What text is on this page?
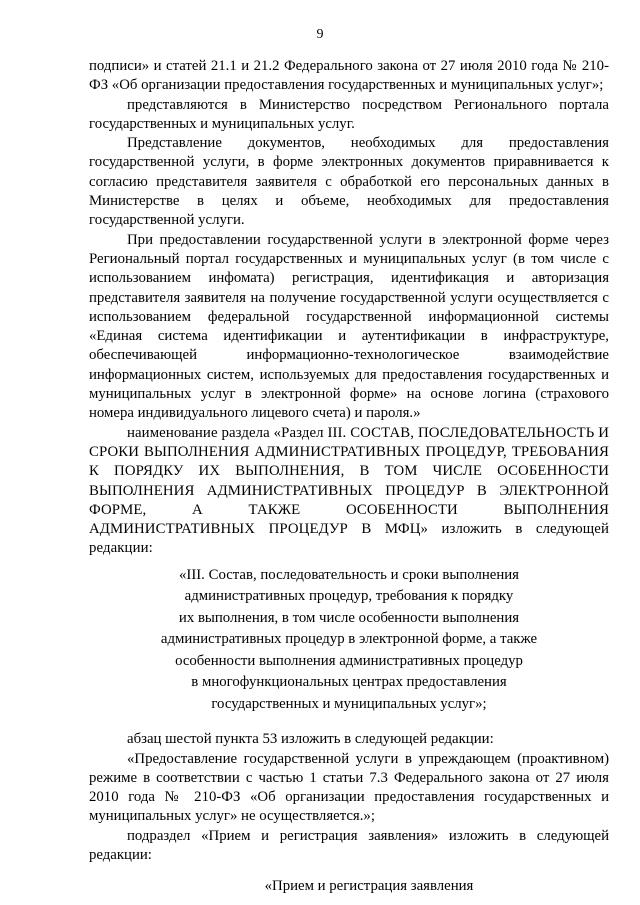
9

подписи» и статей 21.1 и 21.2 Федерального закона от 27 июля 2010 года № 210-ФЗ «Об организации предоставления государственных и муниципальных услуг»;

представляются в Министерство посредством Регионального портала государственных и муниципальных услуг.

Представление документов, необходимых для предоставления государственной услуги, в форме электронных документов приравнивается к согласию представителя заявителя с обработкой его персональных данных в Министерстве в целях и объеме, необходимых для предоставления государственной услуги.

При предоставлении государственной услуги в электронной форме через Региональный портал государственных и муниципальных услуг (в том числе с использованием инфомата) регистрация, идентификация и авторизация представителя заявителя на получение государственной услуги осуществляется с использованием федеральной государственной информационной системы «Единая система идентификации и аутентификации в инфраструктуре, обеспечивающей информационно-технологическое взаимодействие информационных систем, используемых для предоставления государственных и муниципальных услуг в электронной форме» на основе логина (страхового номера индивидуального лицевого счета) и пароля.»

наименование раздела «Раздел III. СОСТАВ, ПОСЛЕДОВАТЕЛЬНОСТЬ И СРОКИ ВЫПОЛНЕНИЯ АДМИНИСТРАТИВНЫХ ПРОЦЕДУР, ТРЕБОВАНИЯ К ПОРЯДКУ ИХ ВЫПОЛНЕНИЯ, В ТОМ ЧИСЛЕ ОСОБЕННОСТИ ВЫПОЛНЕНИЯ АДМИНИСТРАТИВНЫХ ПРОЦЕДУР В ЭЛЕКТРОННОЙ ФОРМЕ, А ТАКЖЕ ОСОБЕННОСТИ ВЫПОЛНЕНИЯ АДМИНИСТРАТИВНЫХ ПРОЦЕДУР В МФЦ» изложить в следующей редакции:

«III. Состав, последовательность и сроки выполнения
административных процедур, требования к порядку
их выполнения, в том числе особенности выполнения
административных процедур в электронной форме, а также
особенности выполнения административных процедур
в многофункциональных центрах предоставления
государственных и муниципальных услуг»;

абзац шестой пункта 53 изложить в следующей редакции:

«Предоставление государственной услуги в упреждающем (проактивном) режиме в соответствии с частью 1 статьи 7.3 Федерального закона от 27 июля 2010 года № 210-ФЗ «Об организации предоставления государственных и муниципальных услуг» не осуществляется.»;

подраздел «Прием и регистрация заявления» изложить в следующей редакции:

«Прием и регистрация заявления
